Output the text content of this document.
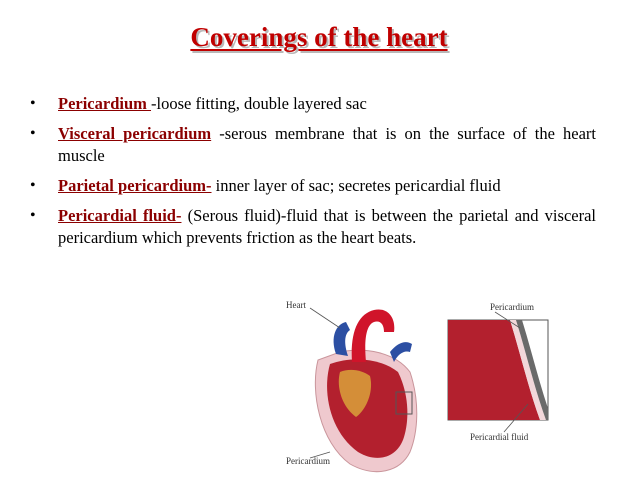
Coverings of the heart
• Pericardium -loose fitting, double layered sac
• Visceral pericardium -serous membrane that is on the surface of the heart muscle
• Parietal pericardium- inner layer of sac; secretes pericardial fluid
• Pericardial fluid- (Serous fluid)-fluid that is between the parietal and visceral pericardium which prevents friction as the heart beats.
Heart
Pericardium
Pericardium
Pericardial fluid
